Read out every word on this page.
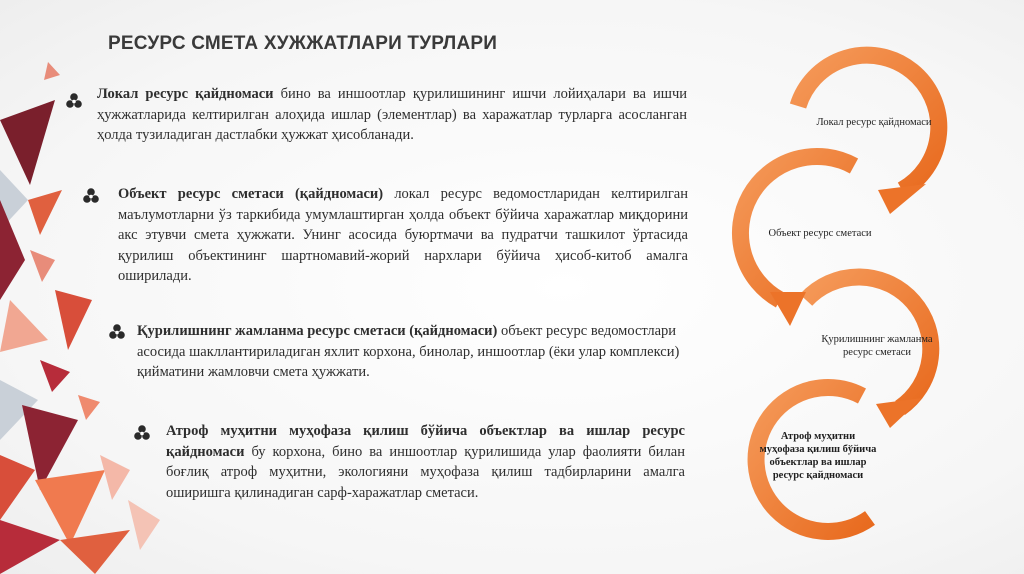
РЕСУРС СМЕТА ХУЖЖАТЛАРИ ТУРЛАРИ
Локал ресурс қайдномаси бино ва иншоотлар қурилишининг ишчи лойиҳалари ва ишчи ҳужжатларида келтирилган алоҳида ишлар (элементлар) ва харажатлар турларга асосланган ҳолда тузиладиган дастлабки ҳужжат ҳисобланади.
Объект ресурс сметаси (қайдномаси) локал ресурс ведомостларидан келтирилган маълумотларни ўз таркибида умумлаштирган ҳолда объект бўйича харажатлар миқдорини акс этувчи смета ҳужжати. Унинг асосида буюртмачи ва пудратчи ташкилот ўртасида қурилиш объектининг шартномавий-жорий нархлари бўйича ҳисоб-китоб амалга оширилади.
Қурилишнинг жамланма ресурс сметаси (қайдномаси) объект ресурс ведомостлари асосида шакллантириладиган яхлит корхона, бинолар, иншоотлар (ёки улар комплекси) қийматини жамловчи смета ҳужжати.
Атроф муҳитни муҳофаза қилиш бўйича объектлар ва ишлар ресурс қайдномаси бу корхона, бино ва иншоотлар қурилишида улар фаолияти билан боғлиқ атроф муҳитни, экологияни муҳофаза қилиш тадбирларини амалга оширишга қилинадиган сарф-харажатлар сметаси.
Локал ресурс қайдномаси
Объект ресурс сметаси
Қурилишнинг жамланма ресурс сметаси
Атроф муҳитни муҳофаза қилиш бўйича объектлар ва ишлар ресурс қайдномаси
